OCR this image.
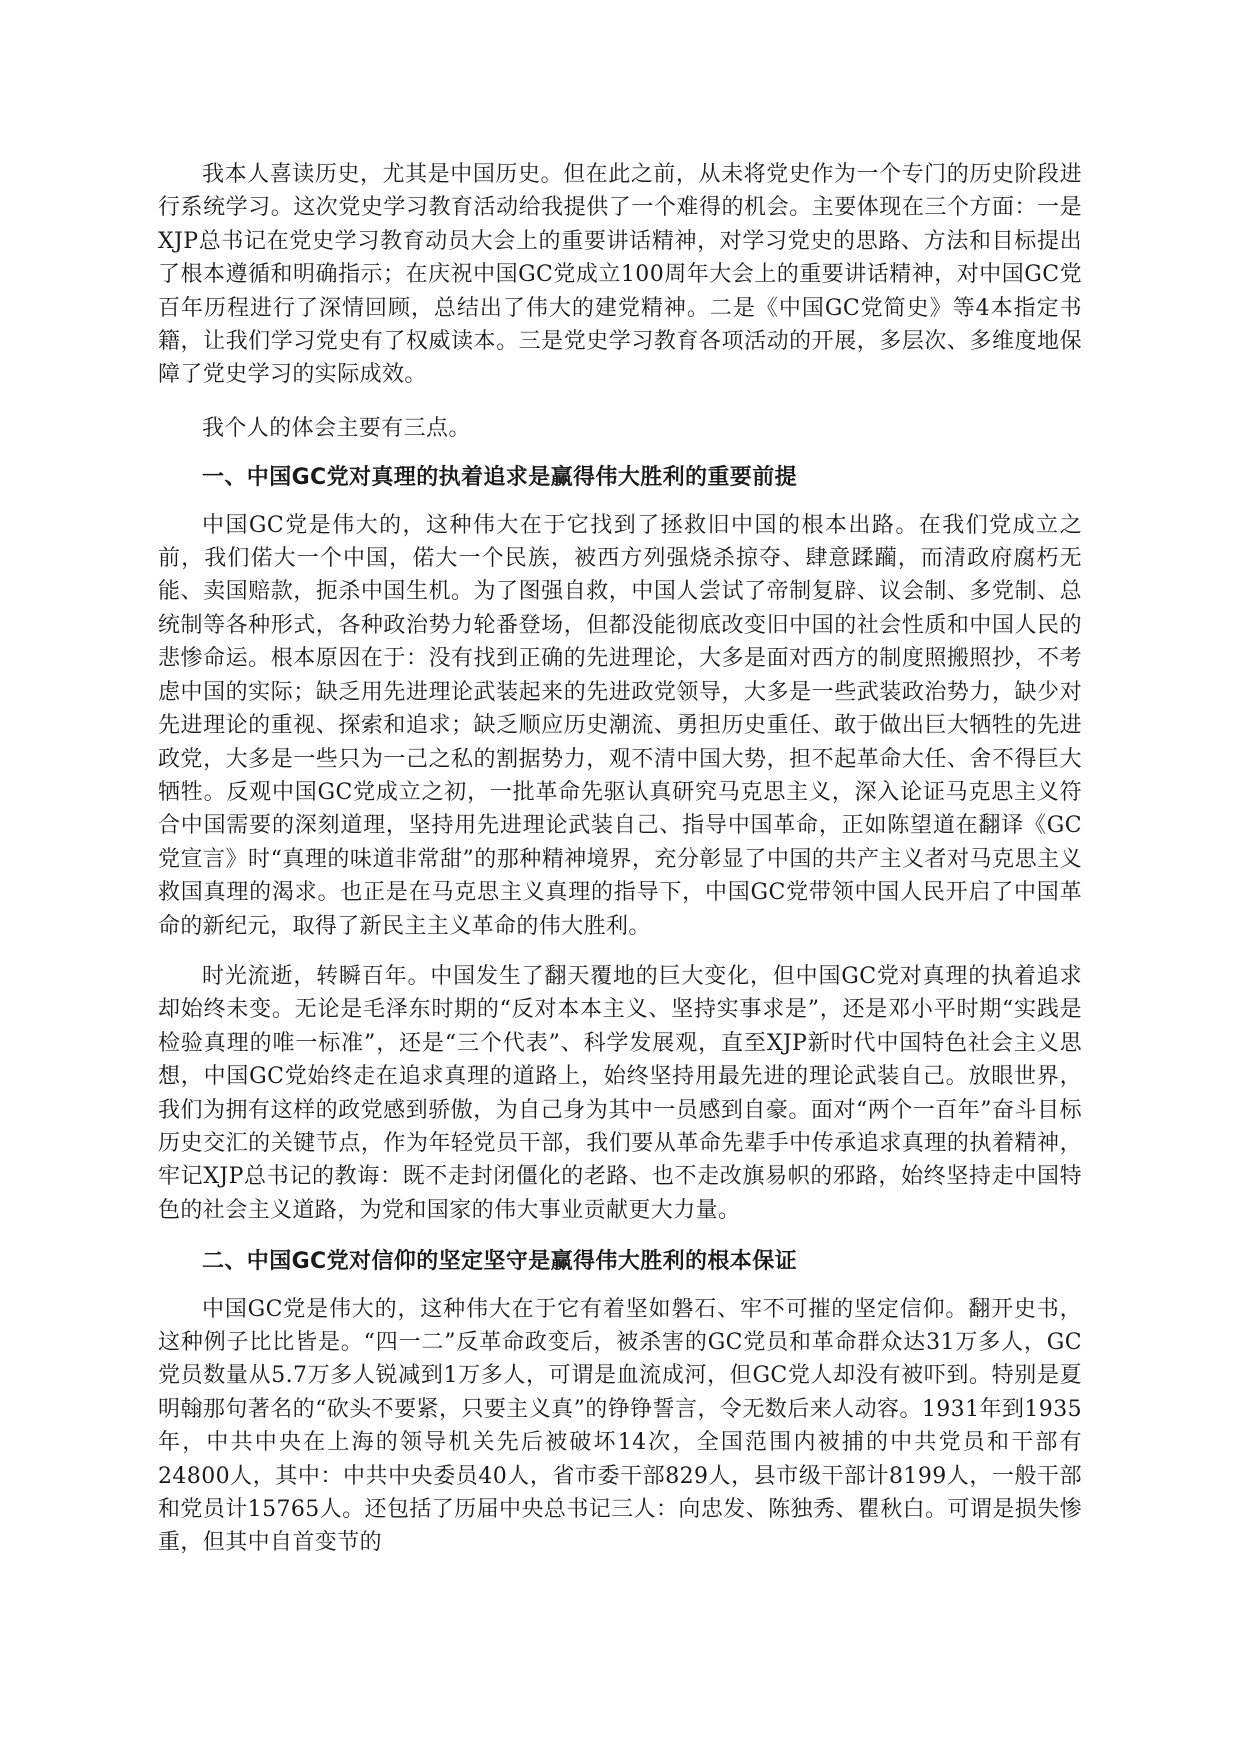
我本人喜读历史，尤其是中国历史。但在此之前，从未将党史作为一个专门的历史阶段进行系统学习。这次党史学习教育活动给我提供了一个难得的机会。主要体现在三个方面：一是XJP总书记在党史学习教育动员大会上的重要讲话精神，对学习党史的思路、方法和目标提出了根本遵循和明确指示；在庆祝中国GC党成立100周年大会上的重要讲话精神，对中国GC党百年历程进行了深情回顾，总结出了伟大的建党精神。二是《中国GC党简史》等4本指定书籍，让我们学习党史有了权威读本。三是党史学习教育各项活动的开展，多层次、多维度地保障了党史学习的实际成效。

我个人的体会主要有三点。

一、中国GC党对真理的执着追求是赢得伟大胜利的重要前提

中国GC党是伟大的，这种伟大在于它找到了拯救旧中国的根本出路。在我们党成立之前，我们偌大一个中国，偌大一个民族，被西方列强烧杀掠夺、肆意蹂躏，而清政府腐朽无能、卖国赔款，扼杀中国生机。为了图强自救，中国人尝试了帝制复辟、议会制、多党制、总统制等各种形式，各种政治势力轮番登场，但都没能彻底改变旧中国的社会性质和中国人民的悲惨命运。根本原因在于：没有找到正确的先进理论，大多是面对西方的制度照搬照抄，不考虑中国的实际；缺乏用先进理论武装起来的先进政党领导，大多是一些武装政治势力，缺少对先进理论的重视、探索和追求；缺乏顺应历史潮流、勇担历史重任、敢于做出巨大牺牲的先进政党，大多是一些只为一己之私的割据势力，观不清中国大势，担不起革命大任、舍不得巨大牺牲。反观中国GC党成立之初，一批革命先驱认真研究马克思主义，深入论证马克思主义符合中国需要的深刻道理，坚持用先进理论武装自己、指导中国革命，正如陈望道在翻译《GC党宣言》时“真理的味道非常甜”的那种精神境界，充分彰显了中国的共产主义者对马克思主义救国真理的渴求。也正是在马克思主义真理的指导下，中国GC党带领中国人民开启了中国革命的新纪元，取得了新民主主义革命的伟大胜利。

时光流逝，转瞬百年。中国发生了翻天覆地的巨大变化，但中国GC党对真理的执着追求却始终未变。无论是毛泽东时期的“反对本本主义、坚持实事求是”，还是邓小平时期“实践是检验真理的唯一标准”，还是“三个代表”、科学发展观，直至XJP新时代中国特色社会主义思想，中国GC党始终走在追求真理的道路上，始终坚持用最先进的理论武装自己。放眼世界，我们为拥有这样的政党感到骄傲，为自己身为其中一员感到自豪。面对“两个一百年”奋斗目标历史交汇的关键节点，作为年轻党员干部，我们要从革命先辈手中传承追求真理的执着精神，牢记XJP总书记的教诲：既不走封闭僵化的老路、也不走改旗易帜的邪路，始终坚持走中国特色的社会主义道路，为党和国家的伟大事业贡献更大力量。

二、中国GC党对信仰的坚定坚守是赢得伟大胜利的根本保证

中国GC党是伟大的，这种伟大在于它有着坚如磐石、牢不可摧的坚定信仰。翻开史书，这种例子比比皆是。“四一二”反革命政变后，被杀害的GC党员和革命群众达31万多人，GC党员数量从5.7万多人锐减到1万多人，可谓是血流成河，但GC党人却没有被吓到。特别是夏明翰那句著名的“砍头不要紧，只要主义真”的铮铮誓言，令无数后来人动容。1931年到1935年，中共中央在上海的领导机关先后被破坏14次，全国范围内被捕的中共党员和干部有24800人，其中：中共中央委员40人，省市委干部829人，县市级干部计8199人，一般干部和党员计15765人。还包括了历届中央总书记三人：向忠发、陈独秀、瞿秋白。可谓是损失惨重，但其中自首变节的
